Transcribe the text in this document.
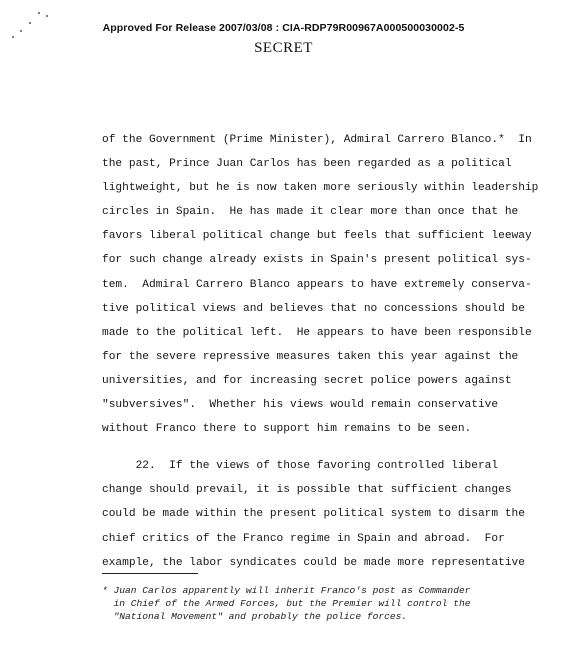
Approved For Release 2007/03/08 : CIA-RDP79R00967A000500030002-5
SECRET
of the Government (Prime Minister), Admiral Carrero Blanco.*  In
the past, Prince Juan Carlos has been regarded as a political
lightweight, but he is now taken more seriously within leadership
circles in Spain.  He has made it clear more than once that he
favors liberal political change but feels that sufficient leeway
for such change already exists in Spain's present political sys-
tem.  Admiral Carrero Blanco appears to have extremely conserva-
tive political views and believes that no concessions should be
made to the political left.  He appears to have been responsible
for the severe repressive measures taken this year against the
universities, and for increasing secret police powers against
"subversives".  Whether his views would remain conservative
without Franco there to support him remains to be seen.
22.  If the views of those favoring controlled liberal
change should prevail, it is possible that sufficient changes
could be made within the present political system to disarm the
chief critics of the Franco regime in Spain and abroad.  For
example, the labor syndicates could be made more representative
* Juan Carlos apparently will inherit Franco's post as Commander
in Chief of the Armed Forces, but the Premier will control the
"National Movement" and probably the police forces.
